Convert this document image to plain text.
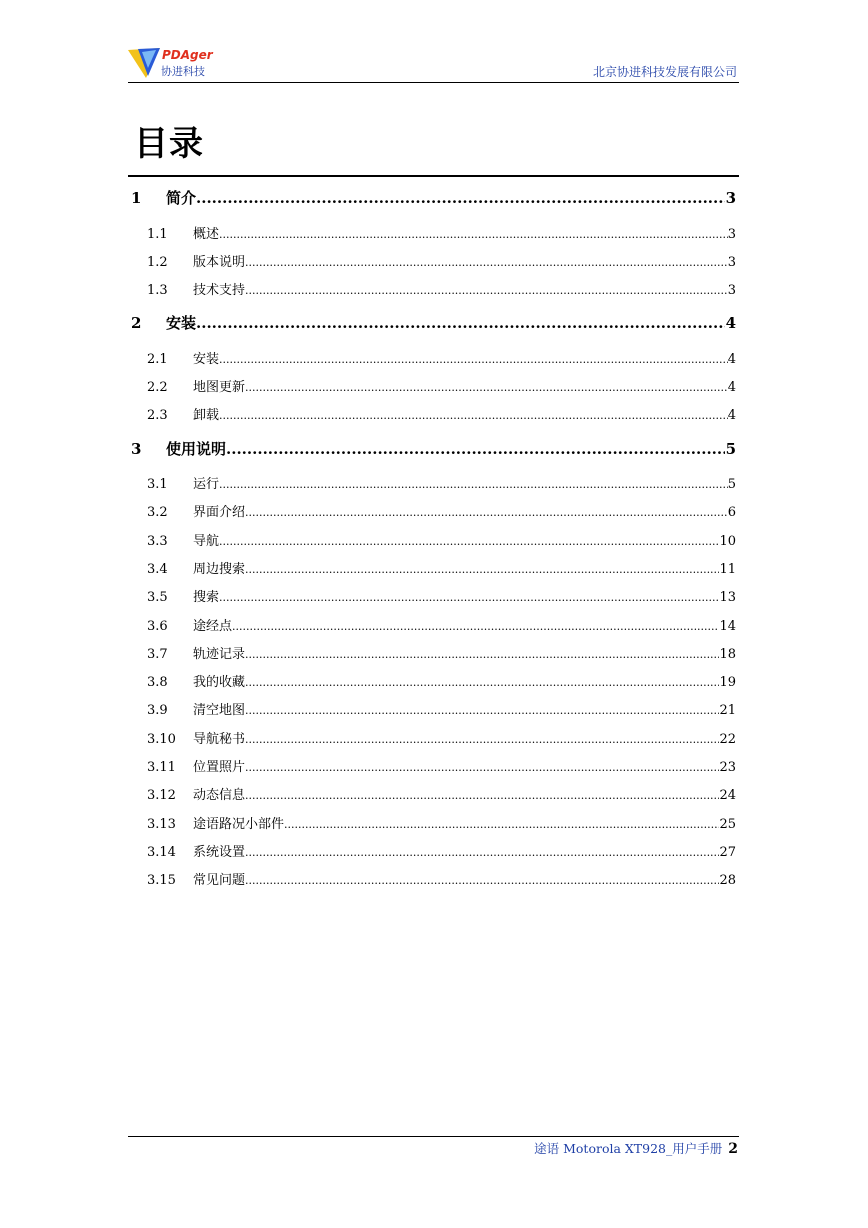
PDAger
协进科技	北京协进科技发展有限公司
目录
1	简介 .....	3
1.1	概述 .....	3
1.2	版本说明 .....	3
1.3	技术支持 .....	3
2	安装 .....	4
2.1	安装 .....	4
2.2	地图更新 .....	4
2.3	卸载 .....	4
3	使用说明 .....	5
3.1	运行 .....	5
3.2	界面介绍 .....	6
3.3	导航 .....	10
3.4	周边搜索 .....	11
3.5	搜索 .....	13
3.6	途经点 .....	14
3.7	轨迹记录 .....	18
3.8	我的收藏 .....	19
3.9	清空地图 .....	21
3.10	导航秘书 .....	22
3.11	位置照片 .....	23
3.12	动态信息 .....	24
3.13	途语路况小部件 .....	25
3.14	系统设置 .....	27
3.15	常见问题 .....	28
途语 Motorola XT928_用户手册 2
